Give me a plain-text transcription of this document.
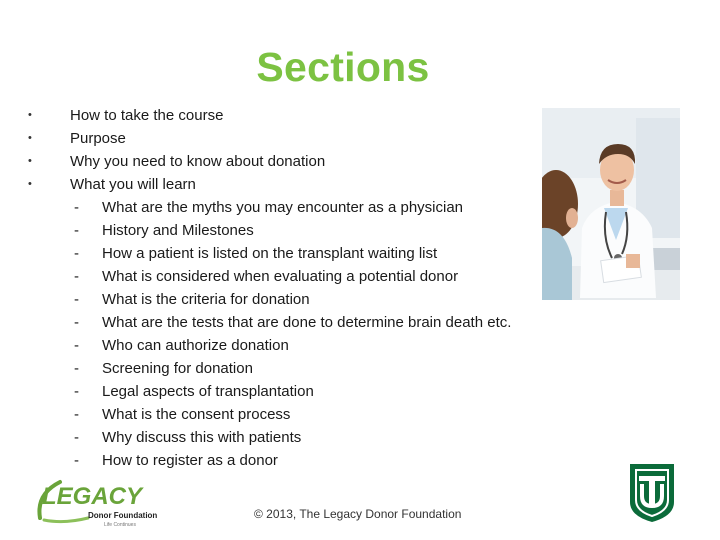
Sections
•	How to take the course
•	Purpose
•	Why you need to know about donation
•	What you will learn
- What are the myths you may encounter as a physician
- History and Milestones
- How a patient is listed on the transplant waiting list
- What is considered when evaluating a potential donor
- What is the criteria for donation
- What are the tests that are done to determine brain death etc.
- Who can authorize donation
- Screening for donation
- Legal aspects of transplantation
- What is the consent process
- Why discuss this with patients
- How to register as a donor
LEGACY
Donor Foundation
Life Continues
© 2013, The Legacy Donor Foundation
